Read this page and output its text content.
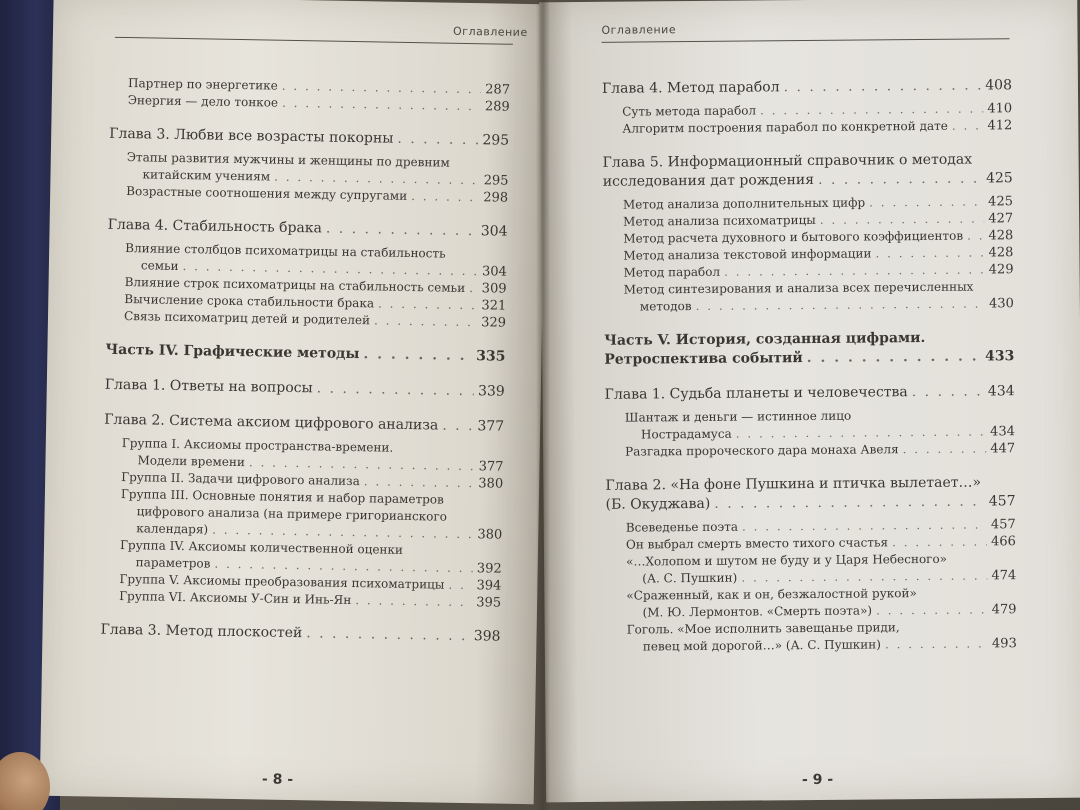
Оглавление
Партнер по энергетике . . .	287
Энергия — дело тонкое . . .	289
Глава 3. Любви все возрасты покорны . . .	295
Этапы развития мужчины и женщины по древним
китайским учениям . . .	295
Возрастные соотношения между супругами . . .	298
Глава 4. Стабильность брака . . .	304
Влияние столбцов психоматрицы на стабильность
семьи . . .	304
Влияние строк психоматрицы на стабильность семьи . . . 309
Вычисление срока стабильности брака . . .	321
Связь психоматриц детей и родителей . . .	329
Часть IV. Графические методы . . .	335
Глава 1. Ответы на вопросы . . .	339
Глава 2. Система аксиом цифрового анализа . . .	377
Группа I. Аксиомы пространства-времени.
Модели времени . . .	377
Группа II. Задачи цифрового анализа . . .	380
Группа III. Основные понятия и набор параметров
цифрового анализа (на примере григорианского
календаря) . . .	380
Группа IV. Аксиомы количественной оценки
параметров . . .	392
Группа V. Аксиомы преобразования психоматрицы . . . 394
Группа VI. Аксиомы У-Син и Инь-Ян . . .	395
Глава 3. Метод плоскостей . . .	398
- 8 -
Оглавление
Глава 4. Метод парабол . . .	408
Суть метода парабол . . .	410
Алгоритм построения парабол по конкретной дате . . .	412
Глава 5. Информационный справочник о методах
исследования дат рождения . . .	425
Метод анализа дополнительных цифр . . .	425
Метод анализа психоматрицы . . .	427
Метод расчета духовного и бытового коэффициентов . . . 428
Метод анализа текстовой информации . . .	428
Метод парабол . . .	429
Метод синтезирования и анализа всех перечисленных
методов . . .	430
Часть V. История, созданная цифрами.
Ретроспектива событий . . .	433
Глава 1. Судьба планеты и человечества . . .	434
Шантаж и деньги — истинное лицо
Нострадамуса . . .	434
Разгадка пророческого дара монаха Авеля . . .	447
Глава 2. «На фоне Пушкина и птичка вылетает…»
(Б. Окуджава) . . .	457
Всеведенье поэта . . .	457
Он выбрал смерть вместо тихого счастья . . .	466
«…Холопом и шутом не буду и у Царя Небесного»
(А. С. Пушкин) . . .	474
«Сраженный, как и он, безжалостной рукой»
(М. Ю. Лермонтов. «Смерть поэта») . . .	479
Гоголь. «Мое исполнить завещанье приди,
певец мой дорогой…» (А. С. Пушкин) . . .	493
- 9 -
